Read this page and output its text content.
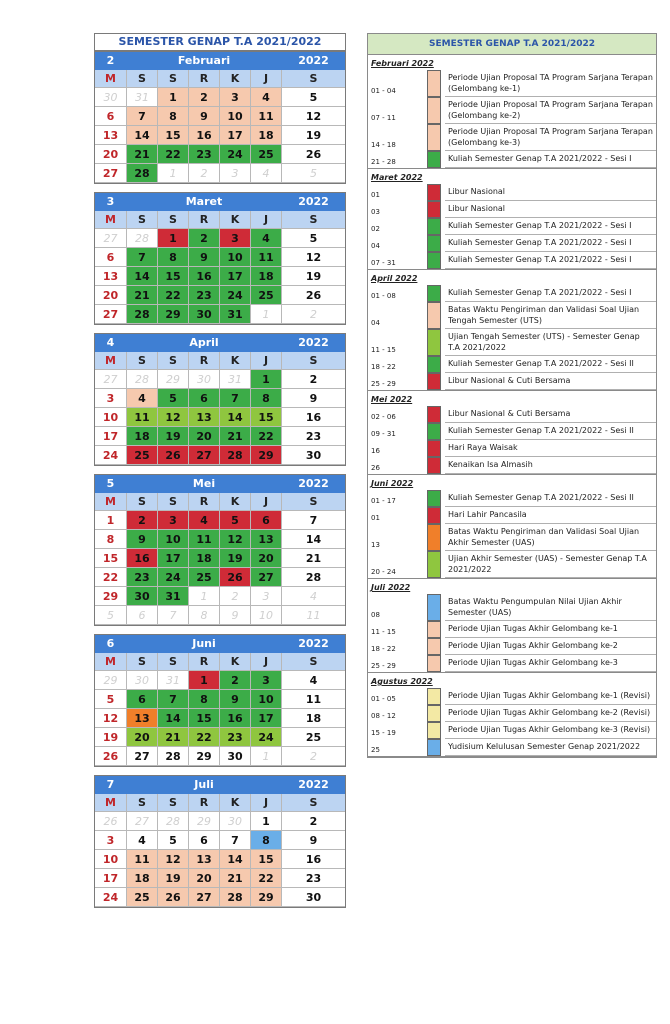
SEMESTER GENAP T.A 2021/2022
2	Februari	2022
M	S	S	R	K	J	S
30	31	1	2	3	4	5
6	7	8	9	10	11	12
13	14	15	16	17	18	19
20	21	22	23	24	25	26
27	28	1	2	3	4	5
3	Maret	2022
M	S	S	R	K	J	S
27	28	1	2	3	4	5
6	7	8	9	10	11	12
13	14	15	16	17	18	19
20	21	22	23	24	25	26
27	28	29	30	31	1	2
4	April	2022
M	S	S	R	K	J	S
27	28	29	30	31	1	2
3	4	5	6	7	8	9
10	11	12	13	14	15	16
17	18	19	20	21	22	23
24	25	26	27	28	29	30
5	Mei	2022
M	S	S	R	K	J	S
1	2	3	4	5	6	7
8	9	10	11	12	13	14
15	16	17	18	19	20	21
22	23	24	25	26	27	28
29	30	31	1	2	3	4
5	6	7	8	9	10	11
6	Juni	2022
M	S	S	R	K	J	S
29	30	31	1	2	3	4
5	6	7	8	9	10	11
12	13	14	15	16	17	18
19	20	21	22	23	24	25
26	27	28	29	30	1	2
7	Juli	2022
M	S	S	R	K	J	S
26	27	28	29	30	1	2
3	4	5	6	7	8	9
10	11	12	13	14	15	16
17	18	19	20	21	22	23
24	25	26	27	28	29	30
SEMESTER GENAP T.A 2021/2022
Februari 2022
01 - 04
Periode Ujian Proposal TA Program Sarjana Terapan (Gelombang ke-1)
07 - 11
Periode Ujian Proposal TA Program Sarjana Terapan (Gelombang ke-2)
14 - 18
Periode Ujian Proposal TA Program Sarjana Terapan (Gelombang ke-3)
21 - 28	Kuliah Semester Genap T.A 2021/2022 - Sesi I
Maret 2022
01	Libur Nasional
03	Libur Nasional
02	Kuliah Semester Genap T.A 2021/2022 - Sesi I
04	Kuliah Semester Genap T.A 2021/2022 - Sesi I
07 - 31	Kuliah Semester Genap T.A 2021/2022 - Sesi I
April 2022
01 - 08	Kuliah Semester Genap T.A 2021/2022 - Sesi I
04
Batas Waktu Pengiriman dan Validasi Soal Ujian Tengah Semester (UTS)
11 - 15
Ujian Tengah Semester (UTS) - Semester Genap T.A 2021/2022
18 - 22	Kuliah Semester Genap T.A 2021/2022 - Sesi II
25 - 29	Libur Nasional & Cuti Bersama
Mei 2022
02 - 06	Libur Nasional & Cuti Bersama
09 - 31	Kuliah Semester Genap T.A 2021/2022 - Sesi II
16	Hari Raya Waisak
26	Kenaikan Isa Almasih
Juni 2022
01 - 17	Kuliah Semester Genap T.A 2021/2022 - Sesi II
01	Hari Lahir Pancasila
13
Batas Waktu Pengiriman dan Validasi Soal Ujian Akhir Semester (UAS)
20 - 24
Ujian Akhir Semester (UAS) - Semester Genap T.A 2021/2022
Juli 2022
08
Batas Waktu Pengumpulan Nilai Ujian Akhir Semester (UAS)
11 - 15	Periode Ujian Tugas Akhir Gelombang ke-1
18 - 22	Periode Ujian Tugas Akhir Gelombang ke-2
25 - 29	Periode Ujian Tugas Akhir Gelombang ke-3
Agustus 2022
01 - 05	Periode Ujian Tugas Akhir Gelombang ke-1 (Revisi)
08 - 12	Periode Ujian Tugas Akhir Gelombang ke-2 (Revisi)
15 - 19	Periode Ujian Tugas Akhir Gelombang ke-3 (Revisi)
25	Yudisium Kelulusan Semester Genap 2021/2022
